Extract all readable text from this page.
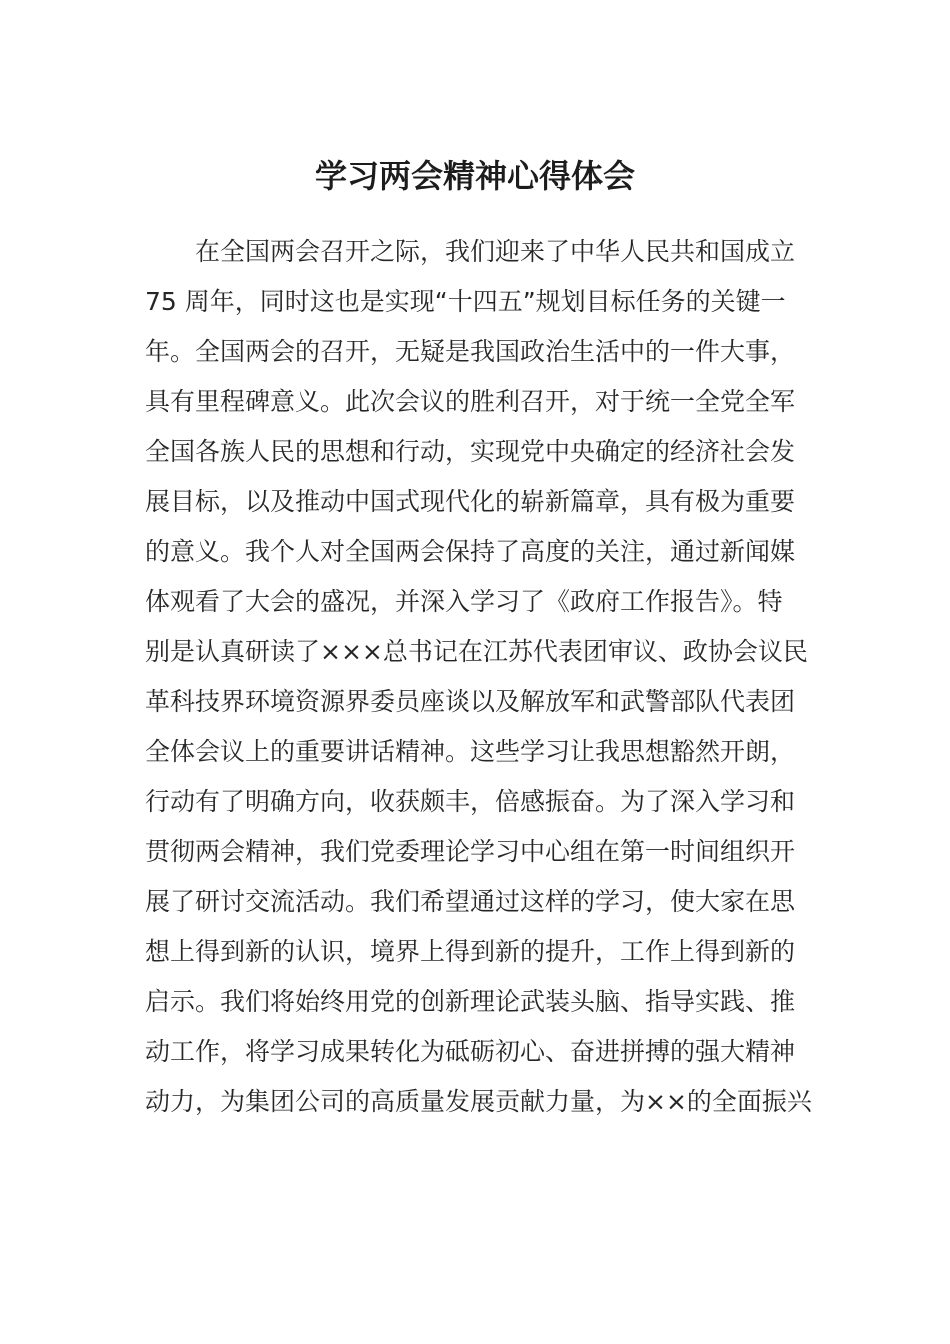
学习两会精神心得体会
在全国两会召开之际，我们迎来了中华人民共和国成立
75 周年，同时这也是实现“十四五”规划目标任务的关键一
年。全国两会的召开，无疑是我国政治生活中的一件大事，
具有里程碑意义。此次会议的胜利召开，对于统一全党全军
全国各族人民的思想和行动，实现党中央确定的经济社会发
展目标，以及推动中国式现代化的崭新篇章，具有极为重要
的意义。我个人对全国两会保持了高度的关注，通过新闻媒
体观看了大会的盛况，并深入学习了《政府工作报告》。特
别是认真研读了×××总书记在江苏代表团审议、政协会议民
革科技界环境资源界委员座谈以及解放军和武警部队代表团
全体会议上的重要讲话精神。这些学习让我思想豁然开朗，
行动有了明确方向，收获颇丰，倍感振奋。为了深入学习和
贯彻两会精神，我们党委理论学习中心组在第一时间组织开
展了研讨交流活动。我们希望通过这样的学习，使大家在思
想上得到新的认识，境界上得到新的提升，工作上得到新的
启示。我们将始终用党的创新理论武装头脑、指导实践、推
动工作，将学习成果转化为砥砺初心、奋进拼搏的强大精神
动力，为集团公司的高质量发展贡献力量，为××的全面振兴
